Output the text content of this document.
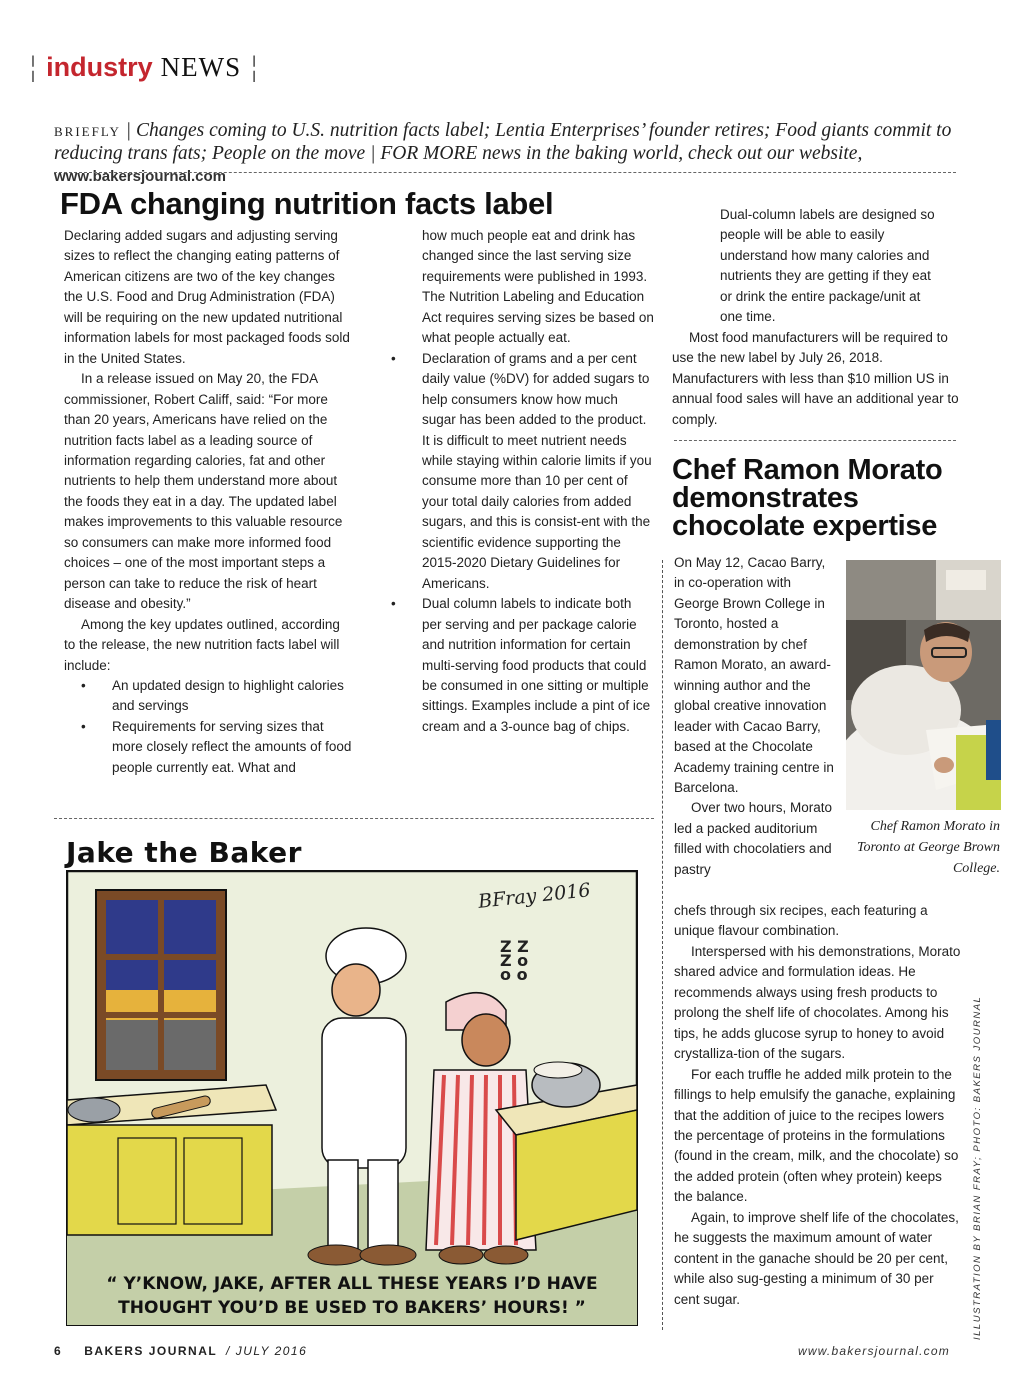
¦ industry NEWS ¦
BRIEFLY | Changes coming to U.S. nutrition facts label; Lentia Enterprises’ founder retires; Food giants commit to reducing trans fats; People on the move | FOR MORE news in the baking world, check out our website, www.bakersjournal.com
FDA changing nutrition facts label

Declaring added sugars and adjusting serving sizes to reflect the changing eating patterns of American citizens are two of the key changes the U.S. Food and Drug Administration (FDA) will be requiring on the new updated nutritional information labels for most packaged foods sold in the United States.

In a release issued on May 20, the FDA commissioner, Robert Califf, said: “For more than 20 years, Americans have relied on the nutrition facts label as a leading source of information regarding calories, fat and other nutrients to help them understand more about the foods they eat in a day. The updated label makes improvements to this valuable resource so consumers can make more informed food choices – one of the most important steps a person can take to reduce the risk of heart disease and obesity.”

Among the key updates outlined, according to the release, the new nutrition facts label will include:

• An updated design to highlight calories and servings

• Requirements for serving sizes that more closely reflect the amounts of food people currently eat. What and

how much people eat and drink has changed since the last serving size requirements were published in 1993. The Nutrition Labeling and Education Act requires serving sizes be based on what people actually eat.

• Declaration of grams and a per cent daily value (%DV) for added sugars to help consumers know how much sugar has been added to the product. It is difficult to meet nutrient needs while staying within calorie limits if you consume more than 10 per cent of your total daily calories from added sugars, and this is consist-ent with the scientific evidence supporting the 2015-2020 Dietary Guidelines for Americans.

• Dual column labels to indicate both per serving and per package calorie and nutrition information for certain multi-serving food products that could be consumed in one sitting or multiple sittings. Examples include a pint of ice cream and a 3-ounce bag of chips.

Dual-column labels are designed so people will be able to easily understand how many calories and nutrients they are getting if they eat or drink the entire package/unit at one time.

Most food manufacturers will be required to use the new label by July 26, 2018. Manufacturers with less than $10 million US in annual food sales will have an additional year to comply.

Chef Ramon Morato demonstrates chocolate expertise

On May 12, Cacao Barry, in co-operation with George Brown College in Toronto, hosted a demonstration by chef Ramon Morato, an award-winning author and the global creative innovation leader with Cacao Barry, based at the Chocolate Academy training centre in Barcelona.

Over two hours, Morato led a packed auditorium filled with chocolatiers and pastry

chefs through six recipes, each featuring a unique flavour combination.

Interspersed with his demonstrations, Morato shared advice and formulation ideas. He recommends always using fresh products to prolong the shelf life of chocolates. Among his tips, he adds glucose syrup to honey to avoid crystalliza-tion of the sugars.

For each truffle he added milk protein to the fillings to help emulsify the ganache, explaining that the addition of juice to the recipes lowers the percentage of proteins in the formulations (found in the cream, milk, and the chocolate) so the added protein (often whey protein) keeps the balance.

Again, to improve shelf life of the chocolates, he suggests the maximum amount of water content in the ganache should be 20 per cent, while also sug-gesting a minimum of 30 per cent sugar.

Chef Ramon Morato in Toronto at George Brown College.
Jake the Baker
BFray 2016
Z Z Z o o o
“ Y’KNOW, JAKE, AFTER ALL THESE YEARS I’D HAVE THOUGHT YOU’D BE USED TO BAKERS’ HOURS! ”	ILLUSTRATION BY BRIAN FRAY; PHOTO: BAKERS JOURNAL
6 BAKERS JOURNAL / JULY 2016	www.bakersjournal.com
